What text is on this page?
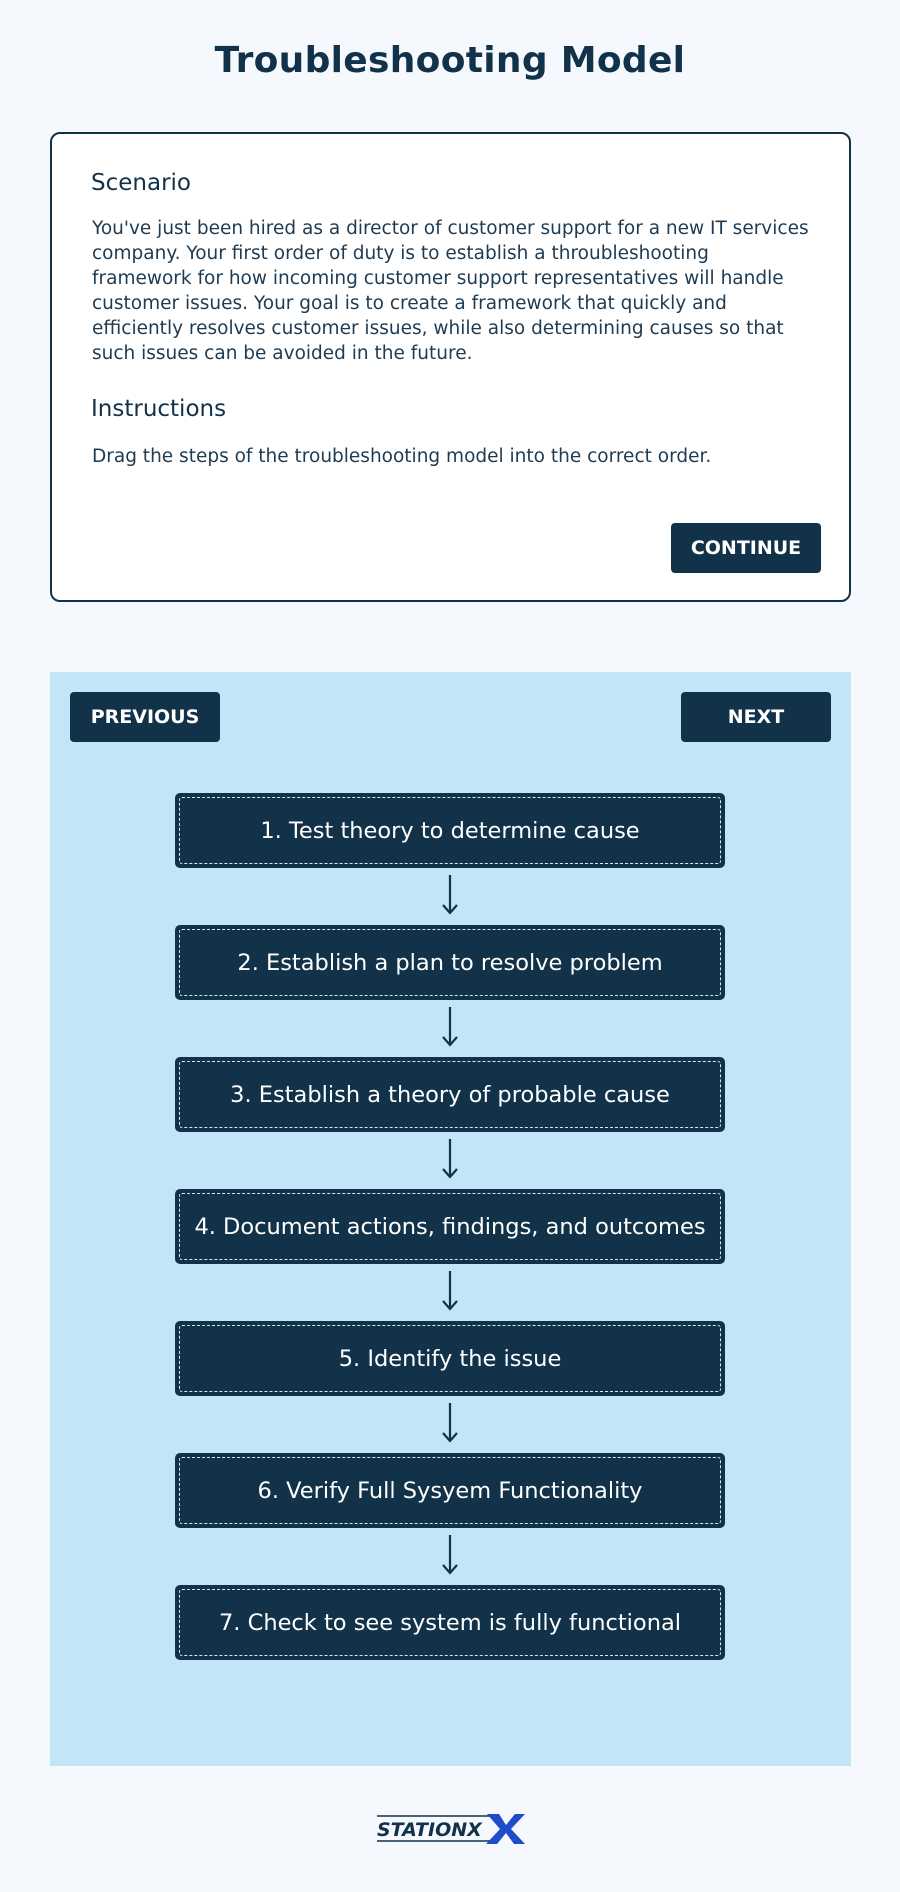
Troubleshooting Model
Scenario

You've just been hired as a director of customer support for a new IT services company. Your first order of duty is to establish a throubleshooting framework for how incoming customer support representatives will handle customer issues. Your goal is to create a framework that quickly and efficiently resolves customer issues, while also determining causes so that such issues can be avoided in the future.

Instructions

Drag the steps of the troubleshooting model into the correct order.

CONTINUE
PREVIOUS	NEXT
1. Test theory to determine cause
2. Establish a plan to resolve problem
3. Establish a theory of probable cause
4. Document actions, findings, and outcomes
5. Identify the issue
6. Verify Full Sysyem Functionality
7. Check to see system is fully functional
STATIONX
